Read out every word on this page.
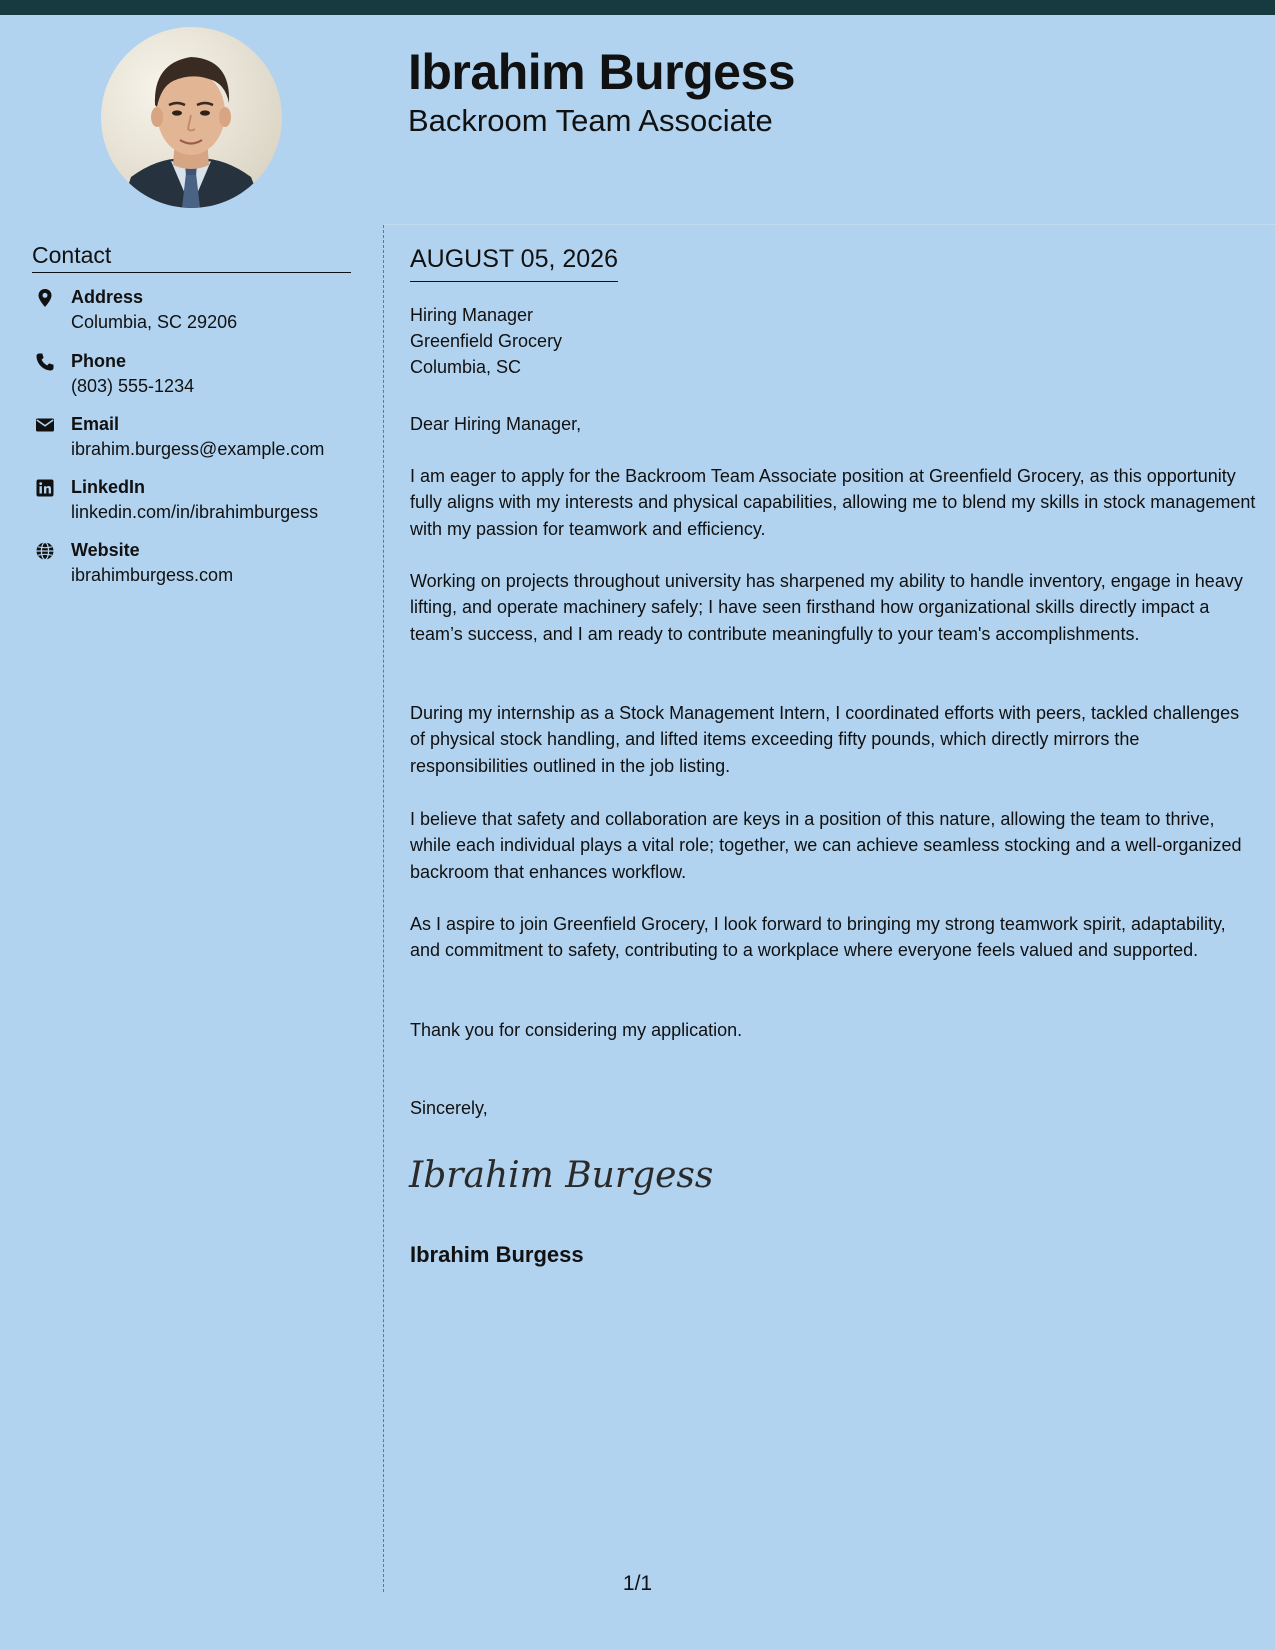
Ibrahim Burgess
Backroom Team Associate
Contact
Address
Columbia, SC 29206
Phone
(803) 555-1234
Email
ibrahim.burgess@example.com
LinkedIn
linkedin.com/in/ibrahimburgess
Website
ibrahimburgess.com
AUGUST 05, 2026
Hiring Manager
Greenfield Grocery
Columbia, SC
Dear Hiring Manager,

I am eager to apply for the Backroom Team Associate position at Greenfield Grocery, as this opportunity fully aligns with my interests and physical capabilities, allowing me to blend my skills in stock management with my passion for teamwork and efficiency.

Working on projects throughout university has sharpened my ability to handle inventory, engage in heavy lifting, and operate machinery safely; I have seen firsthand how organizational skills directly impact a team’s success, and I am ready to contribute meaningfully to your team's accomplishments.

During my internship as a Stock Management Intern, I coordinated efforts with peers, tackled challenges of physical stock handling, and lifted items exceeding fifty pounds, which directly mirrors the responsibilities outlined in the job listing.

I believe that safety and collaboration are keys in a position of this nature, allowing the team to thrive, while each individual plays a vital role; together, we can achieve seamless stocking and a well-organized backroom that enhances workflow.

As I aspire to join Greenfield Grocery, I look forward to bringing my strong teamwork spirit, adaptability, and commitment to safety, contributing to a workplace where everyone feels valued and supported.

Thank you for considering my application.

Sincerely,
Ibrahim Burgess
Ibrahim Burgess
1/1
